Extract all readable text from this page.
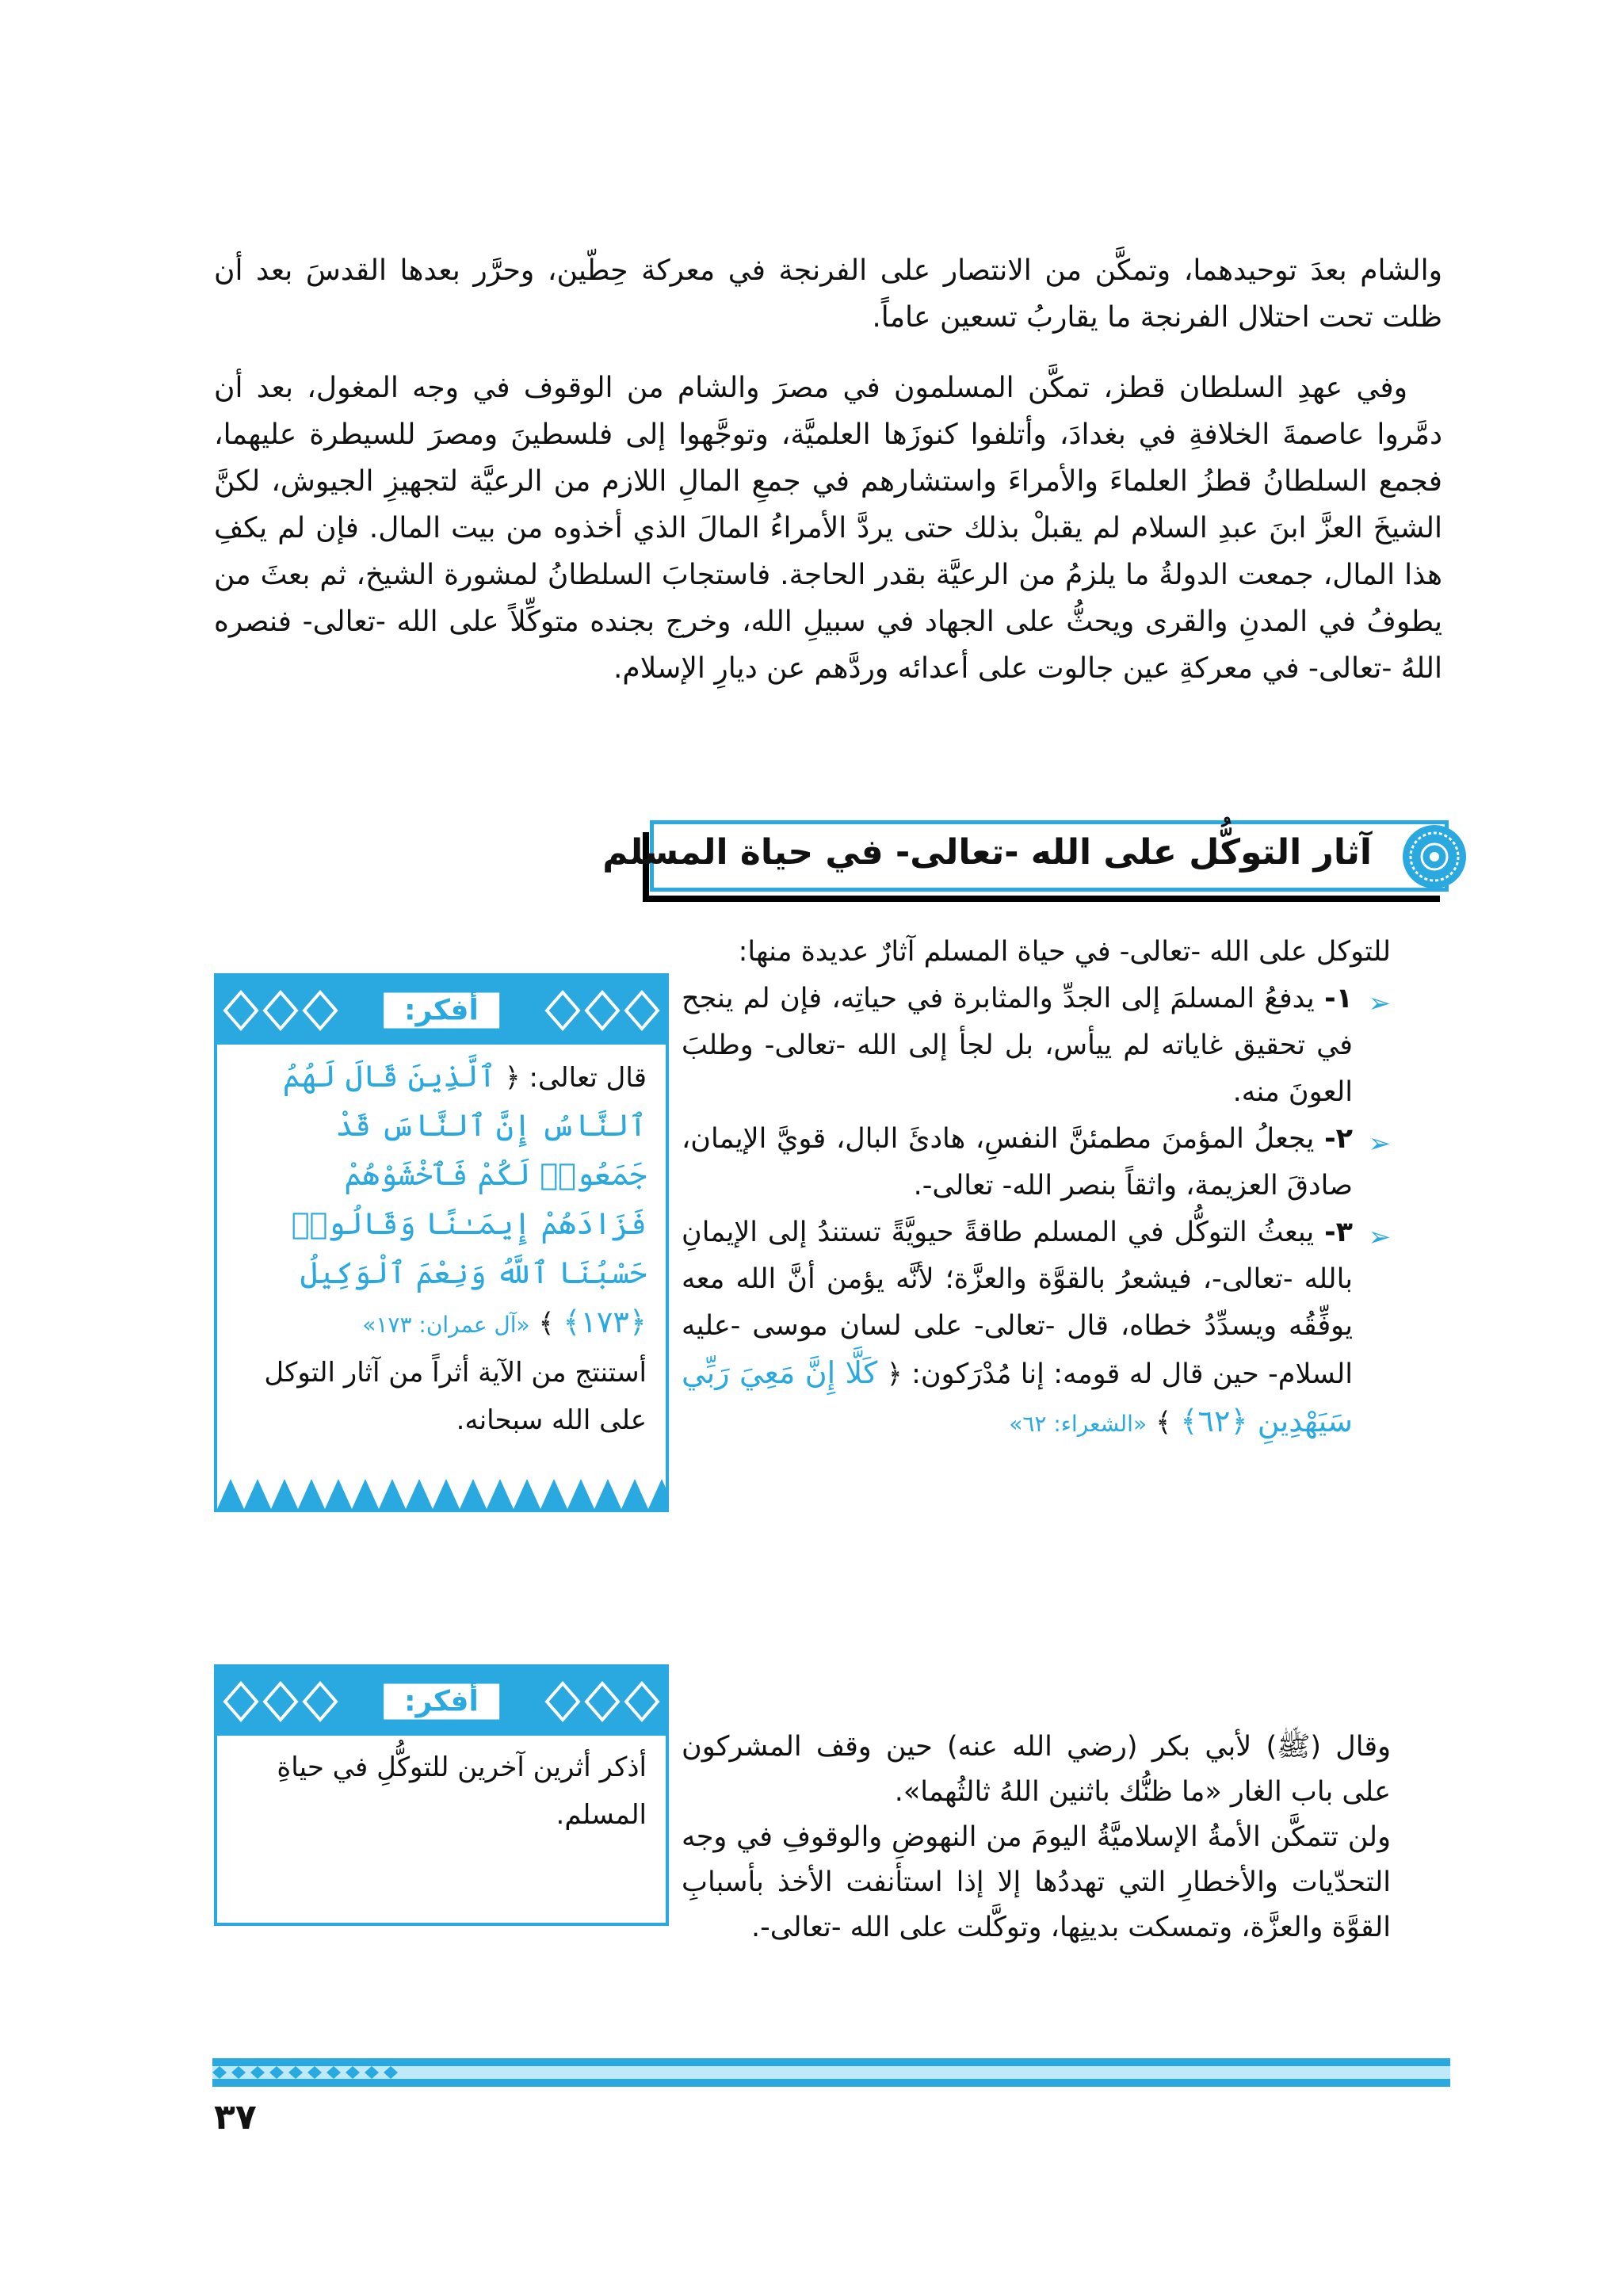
والشام بعدَ توحيدهما، وتمكَّن من الانتصار على الفرنجة في معركة حِطّين، وحرَّر بعدها القدسَ بعد أن ظلت تحت احتلال الفرنجة ما يقاربُ تسعين عاماً.
وفي عهدِ السلطان قطز، تمكَّن المسلمون في مصرَ والشام من الوقوف في وجه المغول، بعد أن دمَّروا عاصمةَ الخلافةِ في بغدادَ، وأتلفوا كنوزَها العلميَّة، وتوجَّهوا إلى فلسطينَ ومصرَ للسيطرة عليهما، فجمع السلطانُ قطزُ العلماءَ والأمراءَ واستشارهم في جمعِ المالِ اللازم من الرعيَّة لتجهيزِ الجيوش، لكنَّ الشيخَ العزَّ ابنَ عبدِ السلام لم يقبلْ بذلك حتى يردَّ الأمراءُ المالَ الذي أخذوه من بيت المال. فإن لم يكفِ هذا المال، جمعت الدولةُ ما يلزمُ من الرعيَّة بقدر الحاجة. فاستجابَ السلطانُ لمشورة الشيخ، ثم بعثَ من يطوفُ في المدنِ والقرى ويحثُّ على الجهاد في سبيلِ الله، وخرج بجنده متوكِّلاً على الله -تعالى- فنصره اللهُ -تعالى- في معركةِ عين جالوت على أعدائه وردَّهم عن ديارِ الإسلام.
آثار التوكُّل على الله -تعالى- في حياة المسلم

للتوكل على الله -تعالى- في حياة المسلم آثارٌ عديدة منها:

➢
١- يدفعُ المسلمَ إلى الجدِّ والمثابرة في حياتِه، فإن لم ينجح في تحقيق غاياته لم ييأس، بل لجأ إلى الله -تعالى- وطلبَ العونَ منه.

➢
٢- يجعلُ المؤمنَ مطمئنَّ النفسِ، هادئَ البال، قويَّ الإيمان، صادقَ العزيمة، واثقاً بنصر الله- تعالى-.

➢
٣- يبعثُ التوكُّل في المسلم طاقةً حيويَّةً تستندُ إلى الإيمانِ بالله -تعالى-، فيشعرُ بالقوَّة والعزَّة؛ لأنَّه يؤمن أنَّ الله معه يوفِّقُه ويسدِّدُ خطاه، قال -تعالى- على لسان موسى -عليه السلام- حين قال له قومه: إنا مُدْرَكون: ﴿ كَلَّا إِنَّ مَعِيَ رَبِّي سَيَهْدِينِ ﴿٦٢﴾ ﴾ «الشعراء: ٦٢»

وقال (ﷺ) لأبي بكر (رضي الله عنه) حين وقف المشركون على باب الغار «ما ظنُّك باثنين اللهُ ثالثُهما».
ولن تتمكَّن الأمةُ الإسلاميَّةُ اليومَ من النهوضِ والوقوفِ في وجه التحدّيات والأخطارِ التي تهددُها إلا إذا استأنفت الأخذ بأسبابِ القوَّة والعزَّة، وتمسكت بدينِها، وتوكَّلت على الله -تعالى-.
أفكر:
قال تعالى: ﴿ ٱلَّذِينَ قَالَ لَهُمُ ٱلنَّاسُ إِنَّ ٱلنَّاسَ قَدْ جَمَعُوا۟ لَكُمْ فَٱخْشَوْهُمْ فَزَادَهُمْ إِيمَـٰنًا وَقَالُوا۟ حَسْبُنَا ٱللَّهُ وَنِعْمَ ٱلْوَكِيلُ ﴿١٧٣﴾ ﴾ «آل عمران: ١٧٣»
أستنتج من الآية أثراً من آثار التوكل على الله سبحانه.
أفكر:
أذكر أثرين آخرين للتوكُّلِ في حياةِ المسلم.
٣٧
